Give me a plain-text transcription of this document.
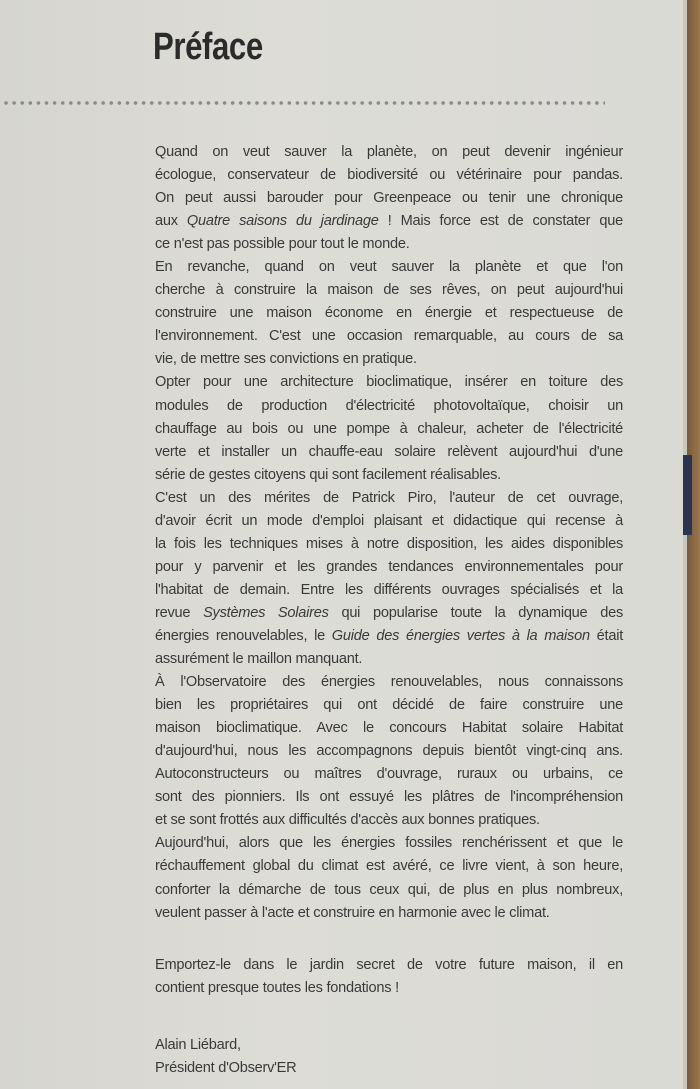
Préface
Quand on veut sauver la planète, on peut devenir ingénieur
écologue, conservateur de biodiversité ou vétérinaire pour pandas.
On peut aussi barouder pour Greenpeace ou tenir une chronique
aux Quatre saisons du jardinage ! Mais force est de constater que
ce n'est pas possible pour tout le monde.
En revanche, quand on veut sauver la planète et que l'on
cherche à construire la maison de ses rêves, on peut aujourd'hui
construire une maison économe en énergie et respectueuse de
l'environnement. C'est une occasion remarquable, au cours de sa
vie, de mettre ses convictions en pratique.
Opter pour une architecture bioclimatique, insérer en toiture des
modules de production d'électricité photovoltaïque, choisir un
chauffage au bois ou une pompe à chaleur, acheter de l'électricité
verte et installer un chauffe-eau solaire relèvent aujourd'hui d'une
série de gestes citoyens qui sont facilement réalisables.
C'est un des mérites de Patrick Piro, l'auteur de cet ouvrage,
d'avoir écrit un mode d'emploi plaisant et didactique qui recense à
la fois les techniques mises à notre disposition, les aides disponibles
pour y parvenir et les grandes tendances environnementales pour
l'habitat de demain. Entre les différents ouvrages spécialisés et la
revue Systèmes Solaires qui popularise toute la dynamique des
énergies renouvelables, le Guide des énergies vertes à la maison était
assurément le maillon manquant.
À l'Observatoire des énergies renouvelables, nous connaissons
bien les propriétaires qui ont décidé de faire construire une
maison bioclimatique. Avec le concours Habitat solaire Habitat
d'aujourd'hui, nous les accompagnons depuis bientôt vingt-cinq ans.
Autoconstructeurs ou maîtres d'ouvrage, ruraux ou urbains, ce
sont des pionniers. Ils ont essuyé les plâtres de l'incompréhension
et se sont frottés aux difficultés d'accès aux bonnes pratiques.
Aujourd'hui, alors que les énergies fossiles renchérissent et que le
réchauffement global du climat est avéré, ce livre vient, à son heure,
conforter la démarche de tous ceux qui, de plus en plus nombreux,
veulent passer à l'acte et construire en harmonie avec le climat.
Emportez-le dans le jardin secret de votre future maison, il en
contient presque toutes les fondations !
Alain Liébard,
Président d'Observ'ER
